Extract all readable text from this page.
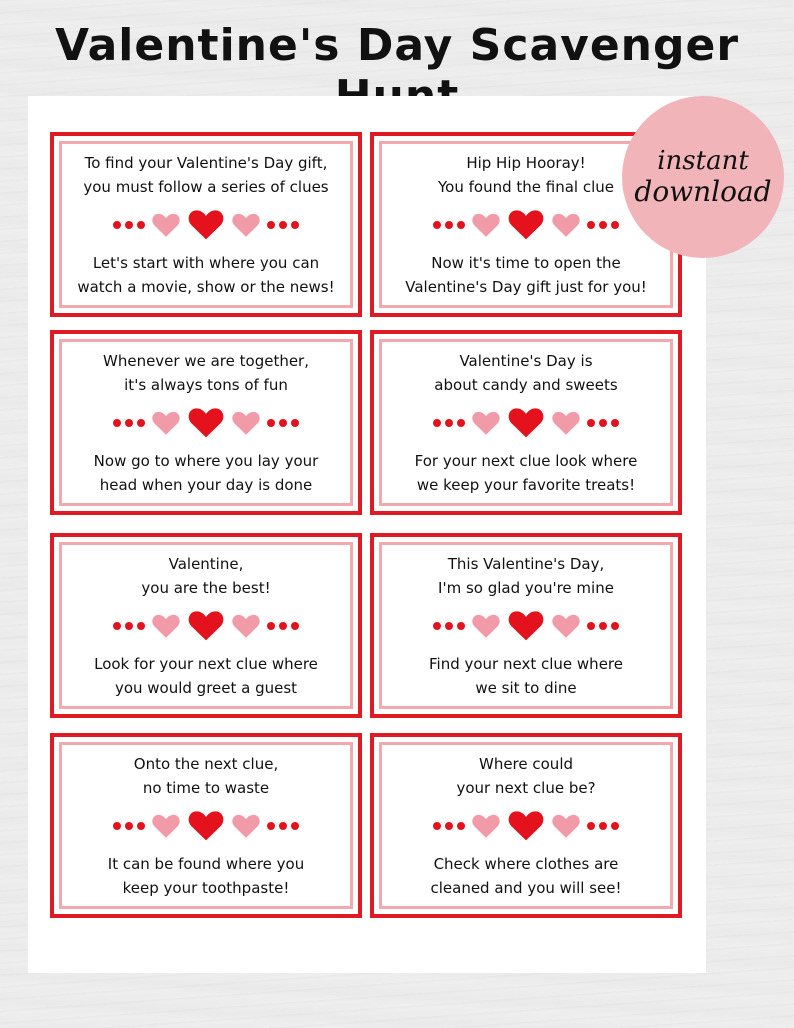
Valentine's Day Scavenger
To find your Valentine's Day gift,
you must follow a series of clues
Let's start with where you can
watch a movie, show or the news!
Hip Hip Hooray!
You found the final clue
Now it's time to open the
Valentine's Day gift just for you!
Whenever we are together,
it's always tons of fun
Now go to where you lay your
head when your day is done
Valentine's Day is
about candy and sweets
For your next clue look where
we keep your favorite treats!
Valentine,
you are the best!
Look for your next clue where
you would greet a guest
This Valentine's Day,
I'm so glad you're mine
Find your next clue where
we sit to dine
Onto the next clue,
no time to waste
It can be found where you
keep your toothpaste!
Where could
your next clue be?
Check where clothes are
cleaned and you will see!
instant
download
